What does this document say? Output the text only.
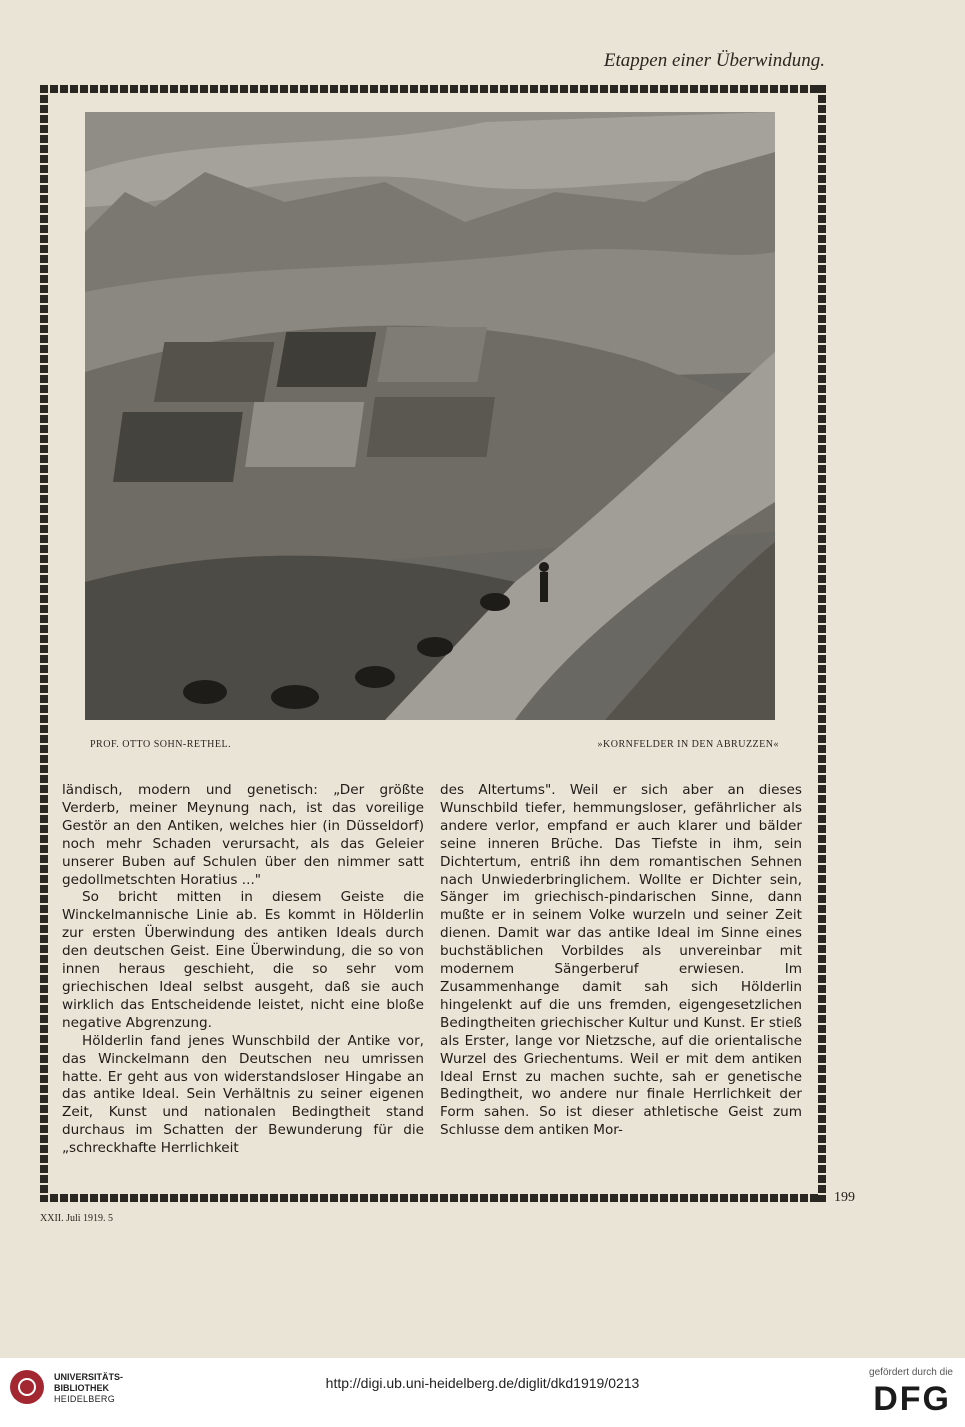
Etappen einer Überwindung.
PROF. OTTO SOHN-RETHEL.	»KORNFELDER IN DEN ABRUZZEN«

ländisch, modern und genetisch: „Der größte Verderb, meiner Meynung nach, ist das voreilige Gestör an den Antiken, welches hier (in Düsseldorf) noch mehr Schaden verursacht, als das Geleier unserer Buben auf Schulen über den nimmer satt gedollmetschten Horatius ..."

So bricht mitten in diesem Geiste die Winckelmannische Linie ab. Es kommt in Hölderlin zur ersten Überwindung des antiken Ideals durch den deutschen Geist. Eine Überwindung, die so von innen heraus geschieht, die so sehr vom griechischen Ideal selbst ausgeht, daß sie auch wirklich das Entscheidende leistet, nicht eine bloße negative Abgrenzung.

Hölderlin fand jenes Wunschbild der Antike vor, das Winckelmann den Deutschen neu umrissen hatte. Er geht aus von widerstandsloser Hingabe an das antike Ideal. Sein Verhältnis zu seiner eigenen Zeit, Kunst und nationalen Bedingtheit stand durchaus im Schatten der Bewunderung für die „schreckhafte Herrlichkeit

des Altertums". Weil er sich aber an dieses Wunschbild tiefer, hemmungsloser, gefährlicher als andere verlor, empfand er auch klarer und bälder seine inneren Brüche. Das Tiefste in ihm, sein Dichtertum, entriß ihn dem romantischen Sehnen nach Unwiederbringlichem. Wollte er Dichter sein, Sänger im griechisch-pindarischen Sinne, dann mußte er in seinem Volke wurzeln und seiner Zeit dienen. Damit war das antike Ideal im Sinne eines buchstäblichen Vorbildes als unvereinbar mit modernem Sängerberuf erwiesen. Im Zusammenhange damit sah sich Hölderlin hingelenkt auf die uns fremden, eigengesetzlichen Bedingtheiten griechischer Kultur und Kunst. Er stieß als Erster, lange vor Nietzsche, auf die orientalische Wurzel des Griechentums. Weil er mit dem antiken Ideal Ernst zu machen suchte, sah er genetische Bedingtheit, wo andere nur finale Herrlichkeit der Form sahen. So ist dieser athletische Geist zum Schlusse dem antiken Mor-

199
XXII. Juli 1919. 5
UNIVERSITÄTS-
BIBLIOTHEK
HEIDELBERG
http://digi.ub.uni-heidelberg.de/diglit/dkd1919/0213
gefördert durch die
DFG
